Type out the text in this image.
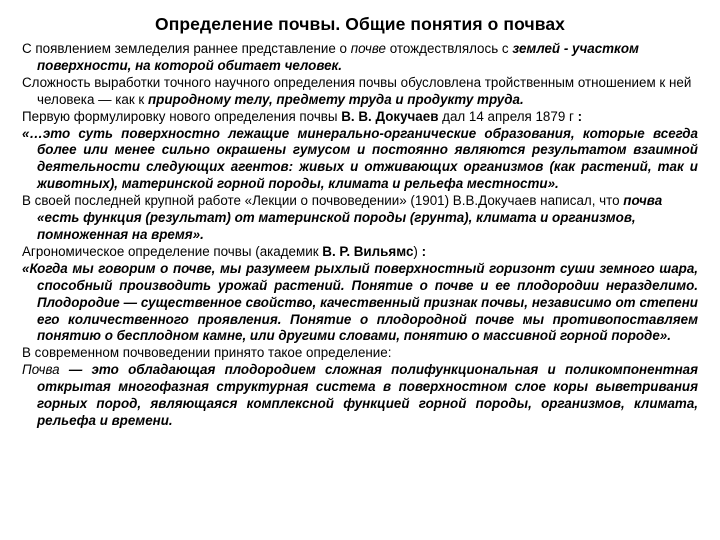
Определение почвы. Общие понятия о почвах

С появлением земледелия раннее представление о почве отождествлялось с землей - участком поверхности, на которой обитает человек.

Сложность выработки точного научного определения почвы обусловлена тройственным отношением к ней человека — как к природному телу, предмету труда и продукту труда.

Первую формулировку нового определения почвы В. В. Докучаев дал 14 апреля 1879 г :

«…это суть поверхностно лежащие минерально-органические образования, которые всегда более или менее сильно окрашены гумусом и постоянно являются результатом взаимной деятельности следующих агентов: живых и отживающих организмов (как растений, так и животных), материнской горной породы, климата и рельефа местности».

В своей последней крупной работе «Лекции о почвоведении» (1901) В.В.Докучаев написал, что почва «есть функция (результат) от материнской породы (грунта), климата и организмов, помноженная на время».

Агрономическое определение почвы (академик В. Р. Вильямс) :

«Когда мы говорим о почве, мы разумеем рыхлый поверхностный горизонт суши земного шара, способный производить урожай растений. Понятие о почве и ее плодородии неразделимо. Плодородие — существенное свойство, качественный признак почвы, независимо от степени его количественного проявления. Понятие о плодородной почве мы противопоставляем понятию о бесплодном камне, или другими словами, понятию о массивной горной породе».

В современном почвоведении принято такое определение:

Почва — это обладающая плодородием сложная полифункциональная и поликомпонентная открытая многофазная структурная система в поверхностном слое коры выветривания горных пород, являющаяся комплексной функцией горной породы, организмов, климата, рельефа и времени.
